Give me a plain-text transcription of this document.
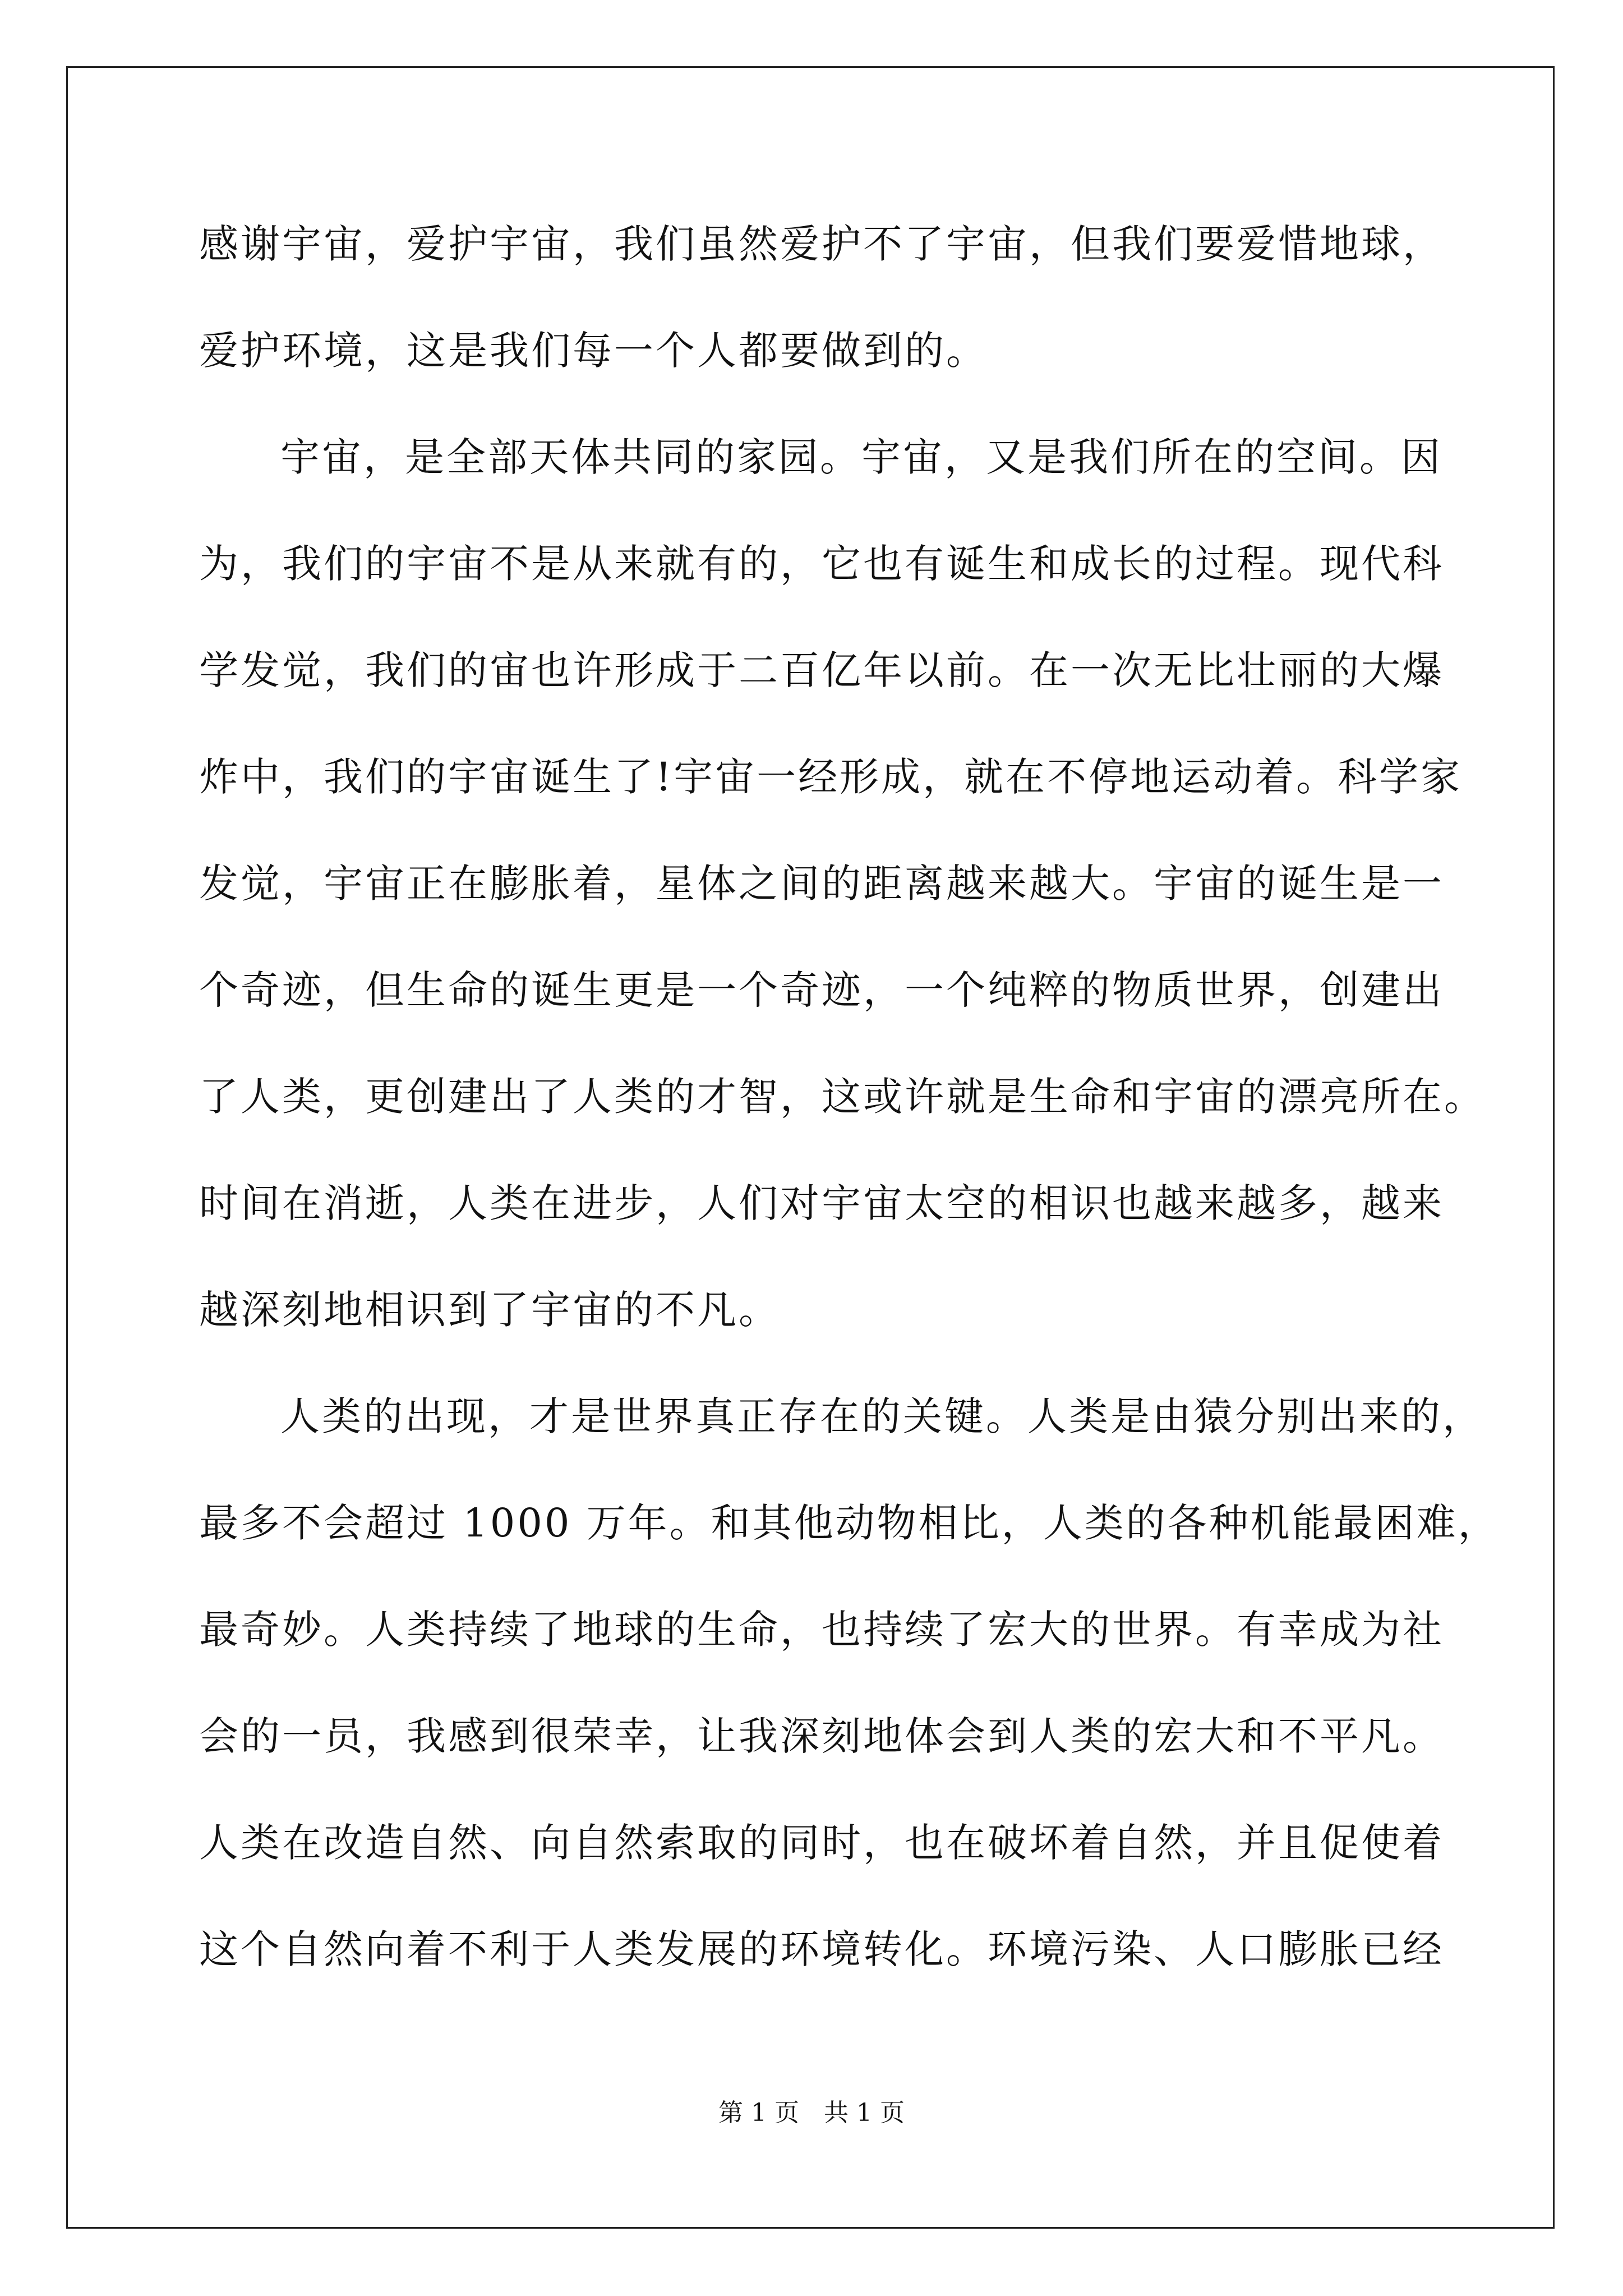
感谢宇宙，爱护宇宙，我们虽然爱护不了宇宙，但我们要爱惜地球，
爱护环境，这是我们每一个人都要做到的。
宇宙，是全部天体共同的家园。宇宙，又是我们所在的空间。因
为，我们的宇宙不是从来就有的，它也有诞生和成长的过程。现代科
学发觉，我们的宙也许形成于二百亿年以前。在一次无比壮丽的大爆
炸中，我们的宇宙诞生了!宇宙一经形成，就在不停地运动着。科学家
发觉，宇宙正在膨胀着，星体之间的距离越来越大。宇宙的诞生是一
个奇迹，但生命的诞生更是一个奇迹，一个纯粹的物质世界，创建出
了人类，更创建出了人类的才智，这或许就是生命和宇宙的漂亮所在。
时间在消逝，人类在进步，人们对宇宙太空的相识也越来越多，越来
越深刻地相识到了宇宙的不凡。
人类的出现，才是世界真正存在的关键。人类是由猿分别出来的，
最多不会超过 1000 万年。和其他动物相比，人类的各种机能最困难，
最奇妙。人类持续了地球的生命，也持续了宏大的世界。有幸成为社
会的一员，我感到很荣幸，让我深刻地体会到人类的宏大和不平凡。
人类在改造自然、向自然索取的同时，也在破坏着自然，并且促使着
这个自然向着不利于人类发展的环境转化。环境污染、人口膨胀已经
第 1 页　共 1 页
